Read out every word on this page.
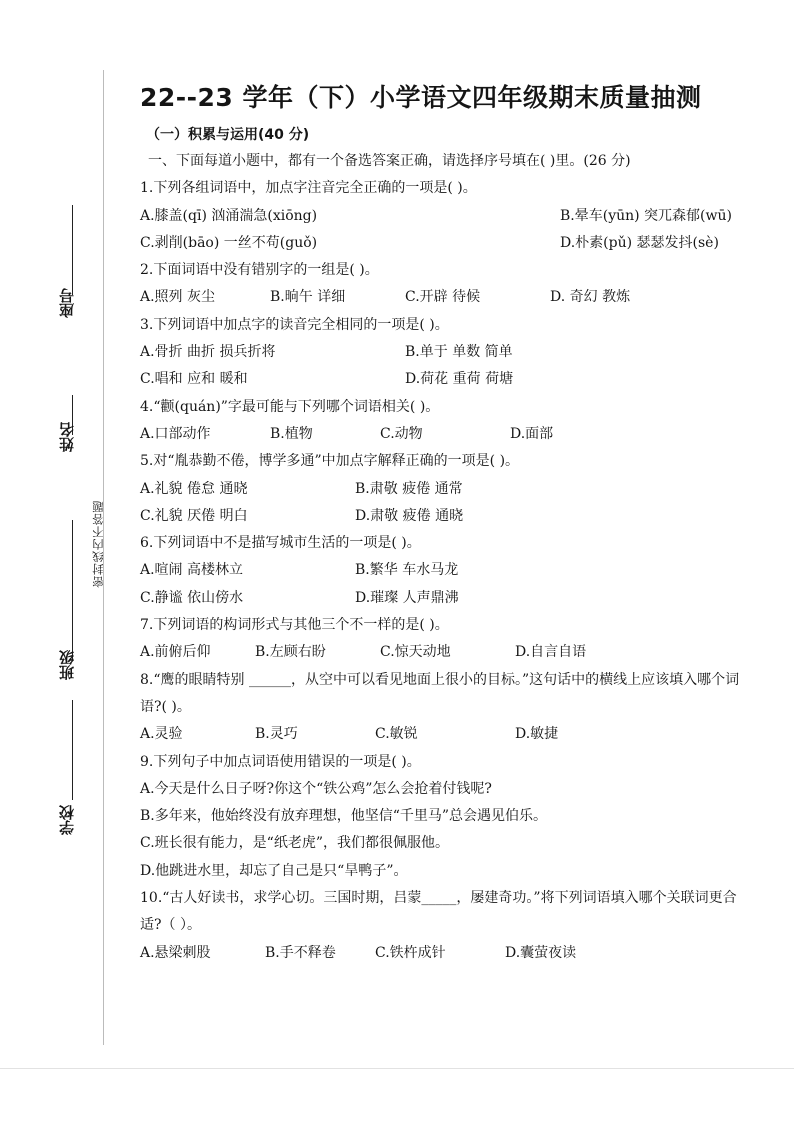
座号
姓名
班级
学校
密封线内不答题
22--23 学年（下）小学语文四年级期末质量抽测
（一）积累与运用(40 分)
一、下面每道小题中，都有一个备选答案正确，请选择序号填在( )里。(26 分)
1.下列各组词语中，加点字注音完全正确的一项是( )。
A.膝盖(qī) 汹涌湍急(xiōng)	B.晕车(yūn) 突兀森郁(wū)
C.剥削(bāo) 一丝不苟(guǒ)	D.朴素(pǔ) 瑟瑟发抖(sè)
2.下面词语中没有错别字的一组是( )。
A.照列 灰尘	B.晌午 详细	C.开辟 待候	D. 奇幻 教炼
3.下列词语中加点字的读音完全相同的一项是( )。
A.骨折 曲折 损兵折将	B.单于 单数 简单
C.唱和 应和 暖和	D.荷花 重荷 荷塘
4.“颧(quán)”字最可能与下列哪个词语相关( )。
A.口部动作	B.植物	C.动物	D.面部
5.对“胤恭勤不倦，博学多通”中加点字解释正确的一项是( )。
A.礼貌 倦怠 通晓	B.肃敬 疲倦 通常
C.礼貌 厌倦 明白	D.肃敬 疲倦 通晓
6.下列词语中不是描写城市生活的一项是( )。
A.喧闹 高楼林立	B.繁华 车水马龙
C.静谧 依山傍水	D.璀璨 人声鼎沸
7.下列词语的构词形式与其他三个不一样的是( )。
A.前俯后仰	B.左顾右盼	C.惊天动地	D.自言自语
8.“鹰的眼睛特别 ______，从空中可以看见地面上很小的目标。”这句话中的横线上应该填入哪个词语?( )。
A.灵验	B.灵巧	C.敏锐	D.敏捷
9.下列句子中加点词语使用错误的一项是( )。
A.今天是什么日子呀?你这个“铁公鸡”怎么会抢着付钱呢?
B.多年来，他始终没有放弃理想，他坚信“千里马”总会遇见伯乐。
C.班长很有能力，是“纸老虎”，我们都很佩服他。
D.他跳进水里，却忘了自己是只“旱鸭子”。
10.“古人好读书，求学心切。三国时期，吕蒙_____，屡建奇功。”将下列词语填入哪个关联词更合适?（ ）。
A.悬梁刺股	B.手不释卷	C.铁杵成针	D.囊萤夜读
